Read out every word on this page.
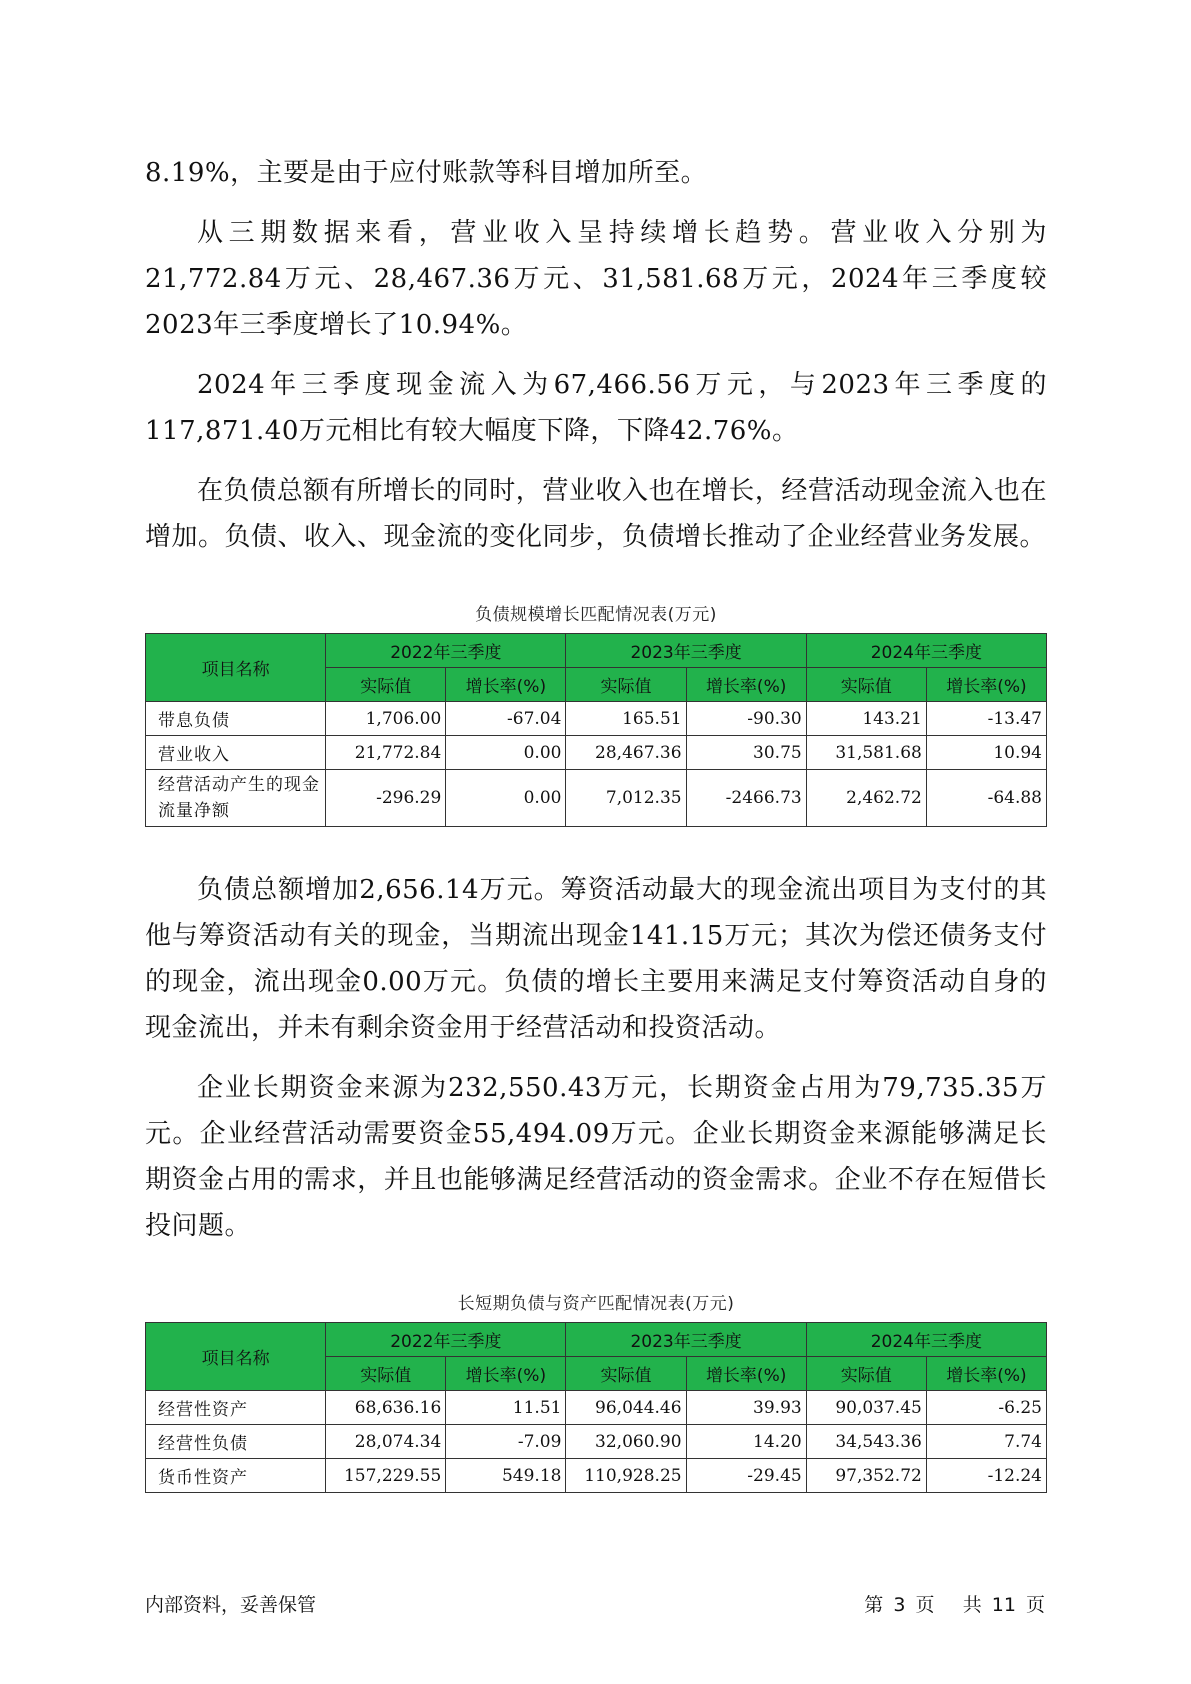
8.19%，主要是由于应付账款等科目增加所至。

从三期数据来看，营业收入呈持续增长趋势。营业收入分别为21,772.84万元、28,467.36万元、31,581.68万元，2024年三季度较2023年三季度增长了10.94%。

2024年三季度现金流入为67,466.56万元，与2023年三季度的117,871.40万元相比有较大幅度下降，下降42.76%。

在负债总额有所增长的同时，营业收入也在增长，经营活动现金流入也在增加。负债、收入、现金流的变化同步，负债增长推动了企业经营业务发展。

负债规模增长匹配情况表(万元)

项目名称	2022年三季度		2023年三季度		2024年三季度	
	实际值	增长率(%)	实际值	增长率(%)	实际值	增长率(%)
带息负债	1,706.00	-67.04	165.51	-90.30	143.21	-13.47
营业收入	21,772.84	0.00	28,467.36	30.75	31,581.68	10.94
经营活动产生的现金流量净额	-296.29	0.00	7,012.35	-2466.73	2,462.72	-64.88

负债总额增加2,656.14万元。筹资活动最大的现金流出项目为支付的其他与筹资活动有关的现金，当期流出现金141.15万元；其次为偿还债务支付的现金，流出现金0.00万元。负债的增长主要用来满足支付筹资活动自身的现金流出，并未有剩余资金用于经营活动和投资活动。

企业长期资金来源为232,550.43万元，长期资金占用为79,735.35万元。企业经营活动需要资金55,494.09万元。企业长期资金来源能够满足长期资金占用的需求，并且也能够满足经营活动的资金需求。企业不存在短借长投问题。

长短期负债与资产匹配情况表(万元)

项目名称	2022年三季度		2023年三季度		2024年三季度	
	实际值	增长率(%)	实际值	增长率(%)	实际值	增长率(%)
经营性资产	68,636.16	11.51	96,044.46	39.93	90,037.45	-6.25
经营性负债	28,074.34	-7.09	32,060.90	14.20	34,543.36	7.74
货币性资产	157,229.55	549.18	110,928.25	-29.45	97,352.72	-12.24
内部资料，妥善保管	第 3 页 共 11 页
